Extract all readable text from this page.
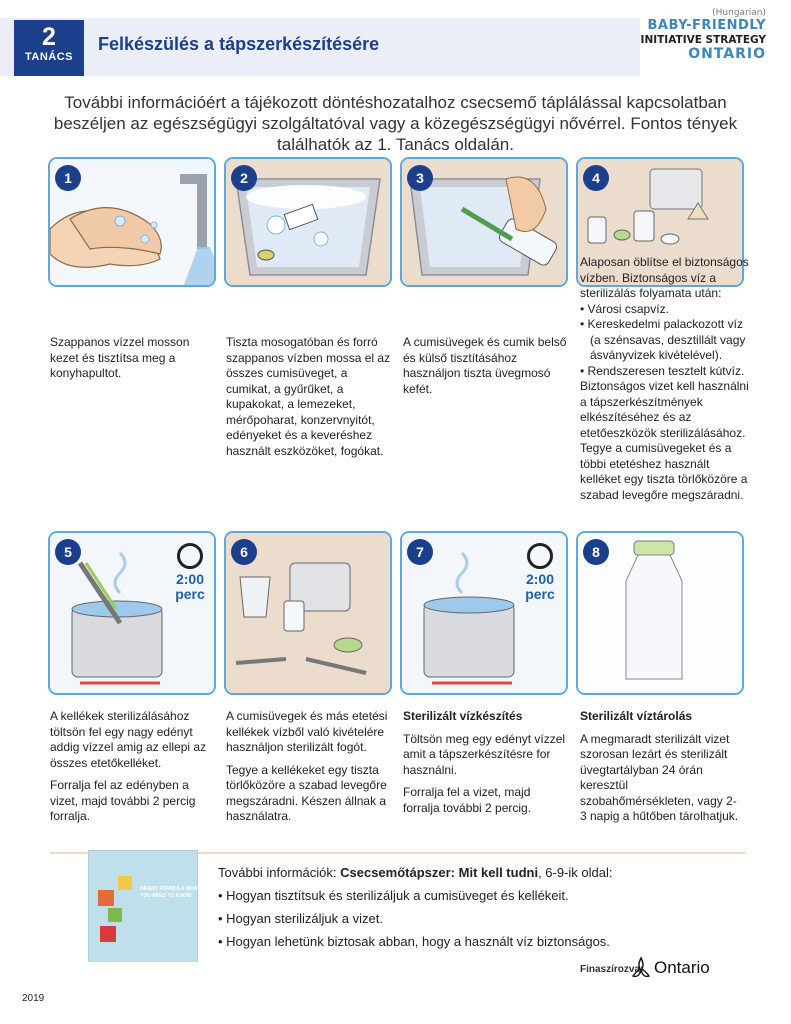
2
TANÁCS
Felkészülés a tápszerkészítésére
(Hungarian)
BABY-FRIENDLY
INITIATIVE STRATEGY
ONTARIO
További információért a tájékozott döntéshozatalhoz csecsemő táplálással kapcsolatban beszéljen az egészségügyi szolgáltatóval vagy a közegészségügyi nővérrel. Fontos tények találhatók az 1. Tanács oldalán.
1	2	3	4
Szappanos vízzel mosson kezet és tisztítsa meg a konyhapultot.
Tiszta mosogatóban és forró szappanos vízben mossa el az összes cumisüveget, a cumikat, a gyűrűket, a kupakokat, a lemezeket, mérőpoharat, konzervnyitót, edényeket és a keveréshez használt eszközöket, fogókat.
A cumisüvegek és cumik belső és külső tisztításához használjon tiszta üvegmosó kefét.
Alaposan öblítse el biztonságos vízben. Biztonságos víz a sterilizálás folyamata után:
• Városi csapvíz.
• Kereskedelmi palackozott víz (a szénsavas, desztillált vagy ásványvizek kivételével).
• Rendszeresen tesztelt kútvíz.
Biztonságos vizet kell használni a tápszerkészítmények elkészítéséhez és az etetőeszközök sterilizálásához. Tegye a cumisüvegeket és a többi etetéshez használt kelléket egy tiszta törlőközöre a szabad levegőre megszáradni.
5
2:00
perc
6	7
2:00
perc
8

A kellékek sterilizálásához töltsön fel egy nagy edényt addig vízzel amig az ellepi az összes etetőkelléket.

Forralja fel az edényben a vizet, majd további 2 percig forralja.

A cumisüvegek és más etetési kellékek vízből való kivételére használjon sterilizált fogót.

Tegye a kellékeket egy tiszta törlőközöre a szabad levegőre megszáradni. Készen állnak a használatra.

Sterilizált vízkészítés

Töltsön meg egy edényt vízzel amit a tápszerkészítésre for használni.

Forralja fel a vizet, majd forralja további 2 percig.

Sterilizált víztárolás

A megmaradt sterilizált vizet szorosan lezárt és sterilizált üvegtartályban 24 órán keresztül szobahőmérsékleten, vagy 2-3 napig a hűtőben tárolhatjuk.

INFANT FORMULA WHAT YOU NEED TO KNOW
További információk: Csecsemőtápszer: Mit kell tudni, 6-9-ik oldal:
• Hogyan tisztítsuk és sterilizáljuk a cumisüveget és kellékeit.
• Hogyan sterilizáljuk a vizet.
• Hogyan lehetünk biztosak abban, hogy a használt víz biztonságos.
Finaszírozva: Ontario
2019
